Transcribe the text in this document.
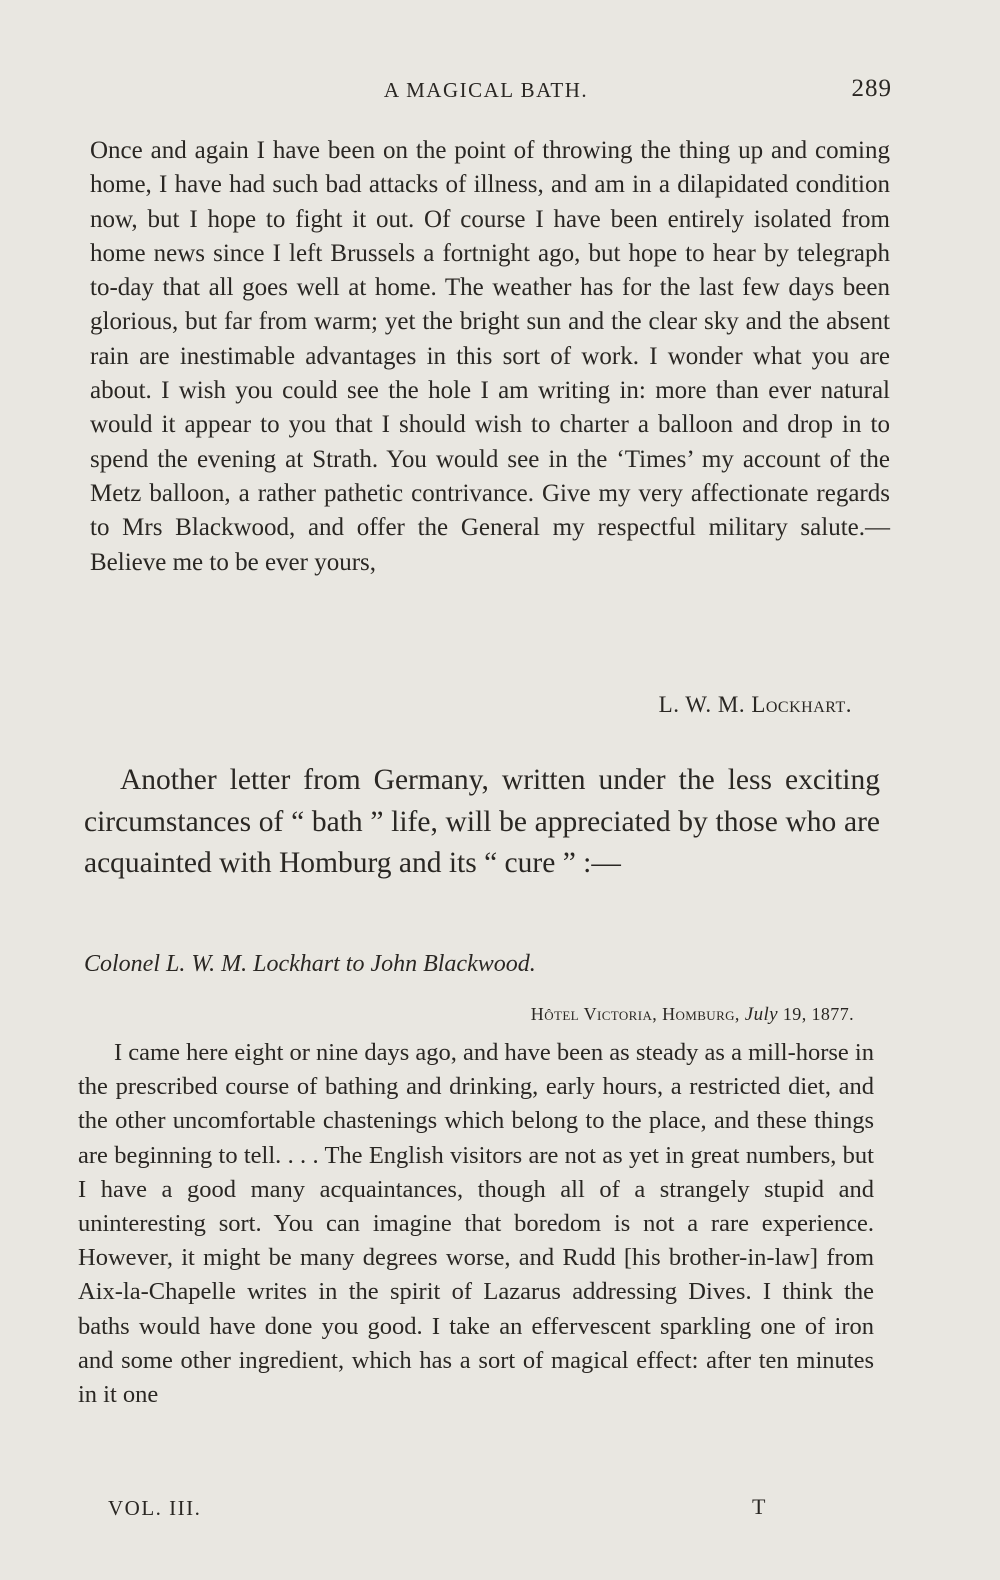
A MAGICAL BATH.	289

Once and again I have been on the point of throwing the thing up and coming home, I have had such bad attacks of illness, and am in a dilapidated condition now, but I hope to fight it out. Of course I have been entirely isolated from home news since I left Brussels a fortnight ago, but hope to hear by telegraph to-day that all goes well at home. The weather has for the last few days been glorious, but far from warm; yet the bright sun and the clear sky and the absent rain are inestimable advantages in this sort of work. I wonder what you are about. I wish you could see the hole I am writing in: more than ever natural would it appear to you that I should wish to charter a balloon and drop in to spend the evening at Strath. You would see in the ‘Times’ my account of the Metz balloon, a rather pathetic contrivance. Give my very affectionate regards to Mrs Blackwood, and offer the General my respectful military salute.—Believe me to be ever yours,

L. W. M. Lockhart.

Another letter from Germany, written under the less exciting circumstances of “ bath ” life, will be appreciated by those who are acquainted with Homburg and its “ cure ” :—

Colonel L. W. M. Lockhart to John Blackwood.
Hôtel Victoria, Homburg, July 19, 1877.

I came here eight or nine days ago, and have been as steady as a mill-horse in the prescribed course of bathing and drinking, early hours, a restricted diet, and the other uncomfortable chastenings which belong to the place, and these things are beginning to tell. . . . The English visitors are not as yet in great numbers, but I have a good many acquaintances, though all of a strangely stupid and uninteresting sort. You can imagine that boredom is not a rare experience. However, it might be many degrees worse, and Rudd [his brother-in-law] from Aix-la-Chapelle writes in the spirit of Lazarus addressing Dives. I think the baths would have done you good. I take an effervescent sparkling one of iron and some other ingredient, which has a sort of magical effect: after ten minutes in it one

VOL. III.	T
